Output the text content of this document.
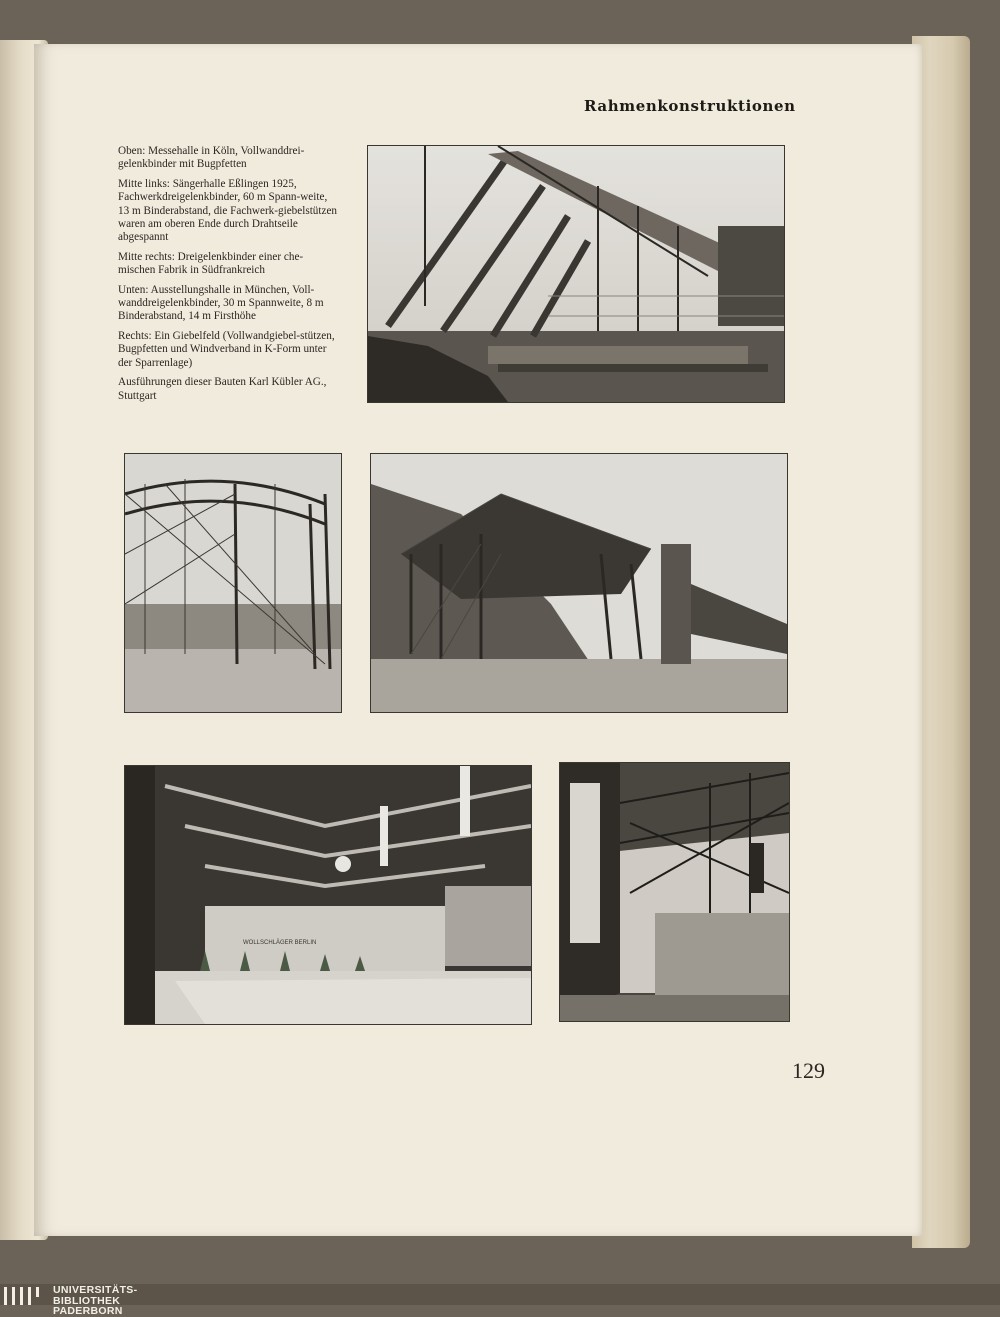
Rahmenkonstruktionen

Oben: Messehalle in Köln, Vollwanddrei-gelenkbinder mit Bugpfetten

Mitte links: Sängerhalle Eßlingen 1925, Fachwerkdreigelenkbinder, 60 m Spann-weite, 13 m Binderabstand, die Fachwerk-giebelstützen waren am oberen Ende durch Drahtseile abgespannt

Mitte rechts: Dreigelenkbinder einer che-mischen Fabrik in Südfrankreich

Unten: Ausstellungshalle in München, Voll-wanddreigelenkbinder, 30 m Spannweite, 8 m Binderabstand, 14 m Firsthöhe

Rechts: Ein Giebelfeld (Vollwandgiebel-stützen, Bugpfetten und Windverband in K-Form unter der Sparrenlage)

Ausführungen dieser Bauten Karl Kübler AG., Stuttgart

WOLLSCHLÄGER BERLIN
129
UNIVERSITÄTS-
BIBLIOTHEK
PADERBORN
